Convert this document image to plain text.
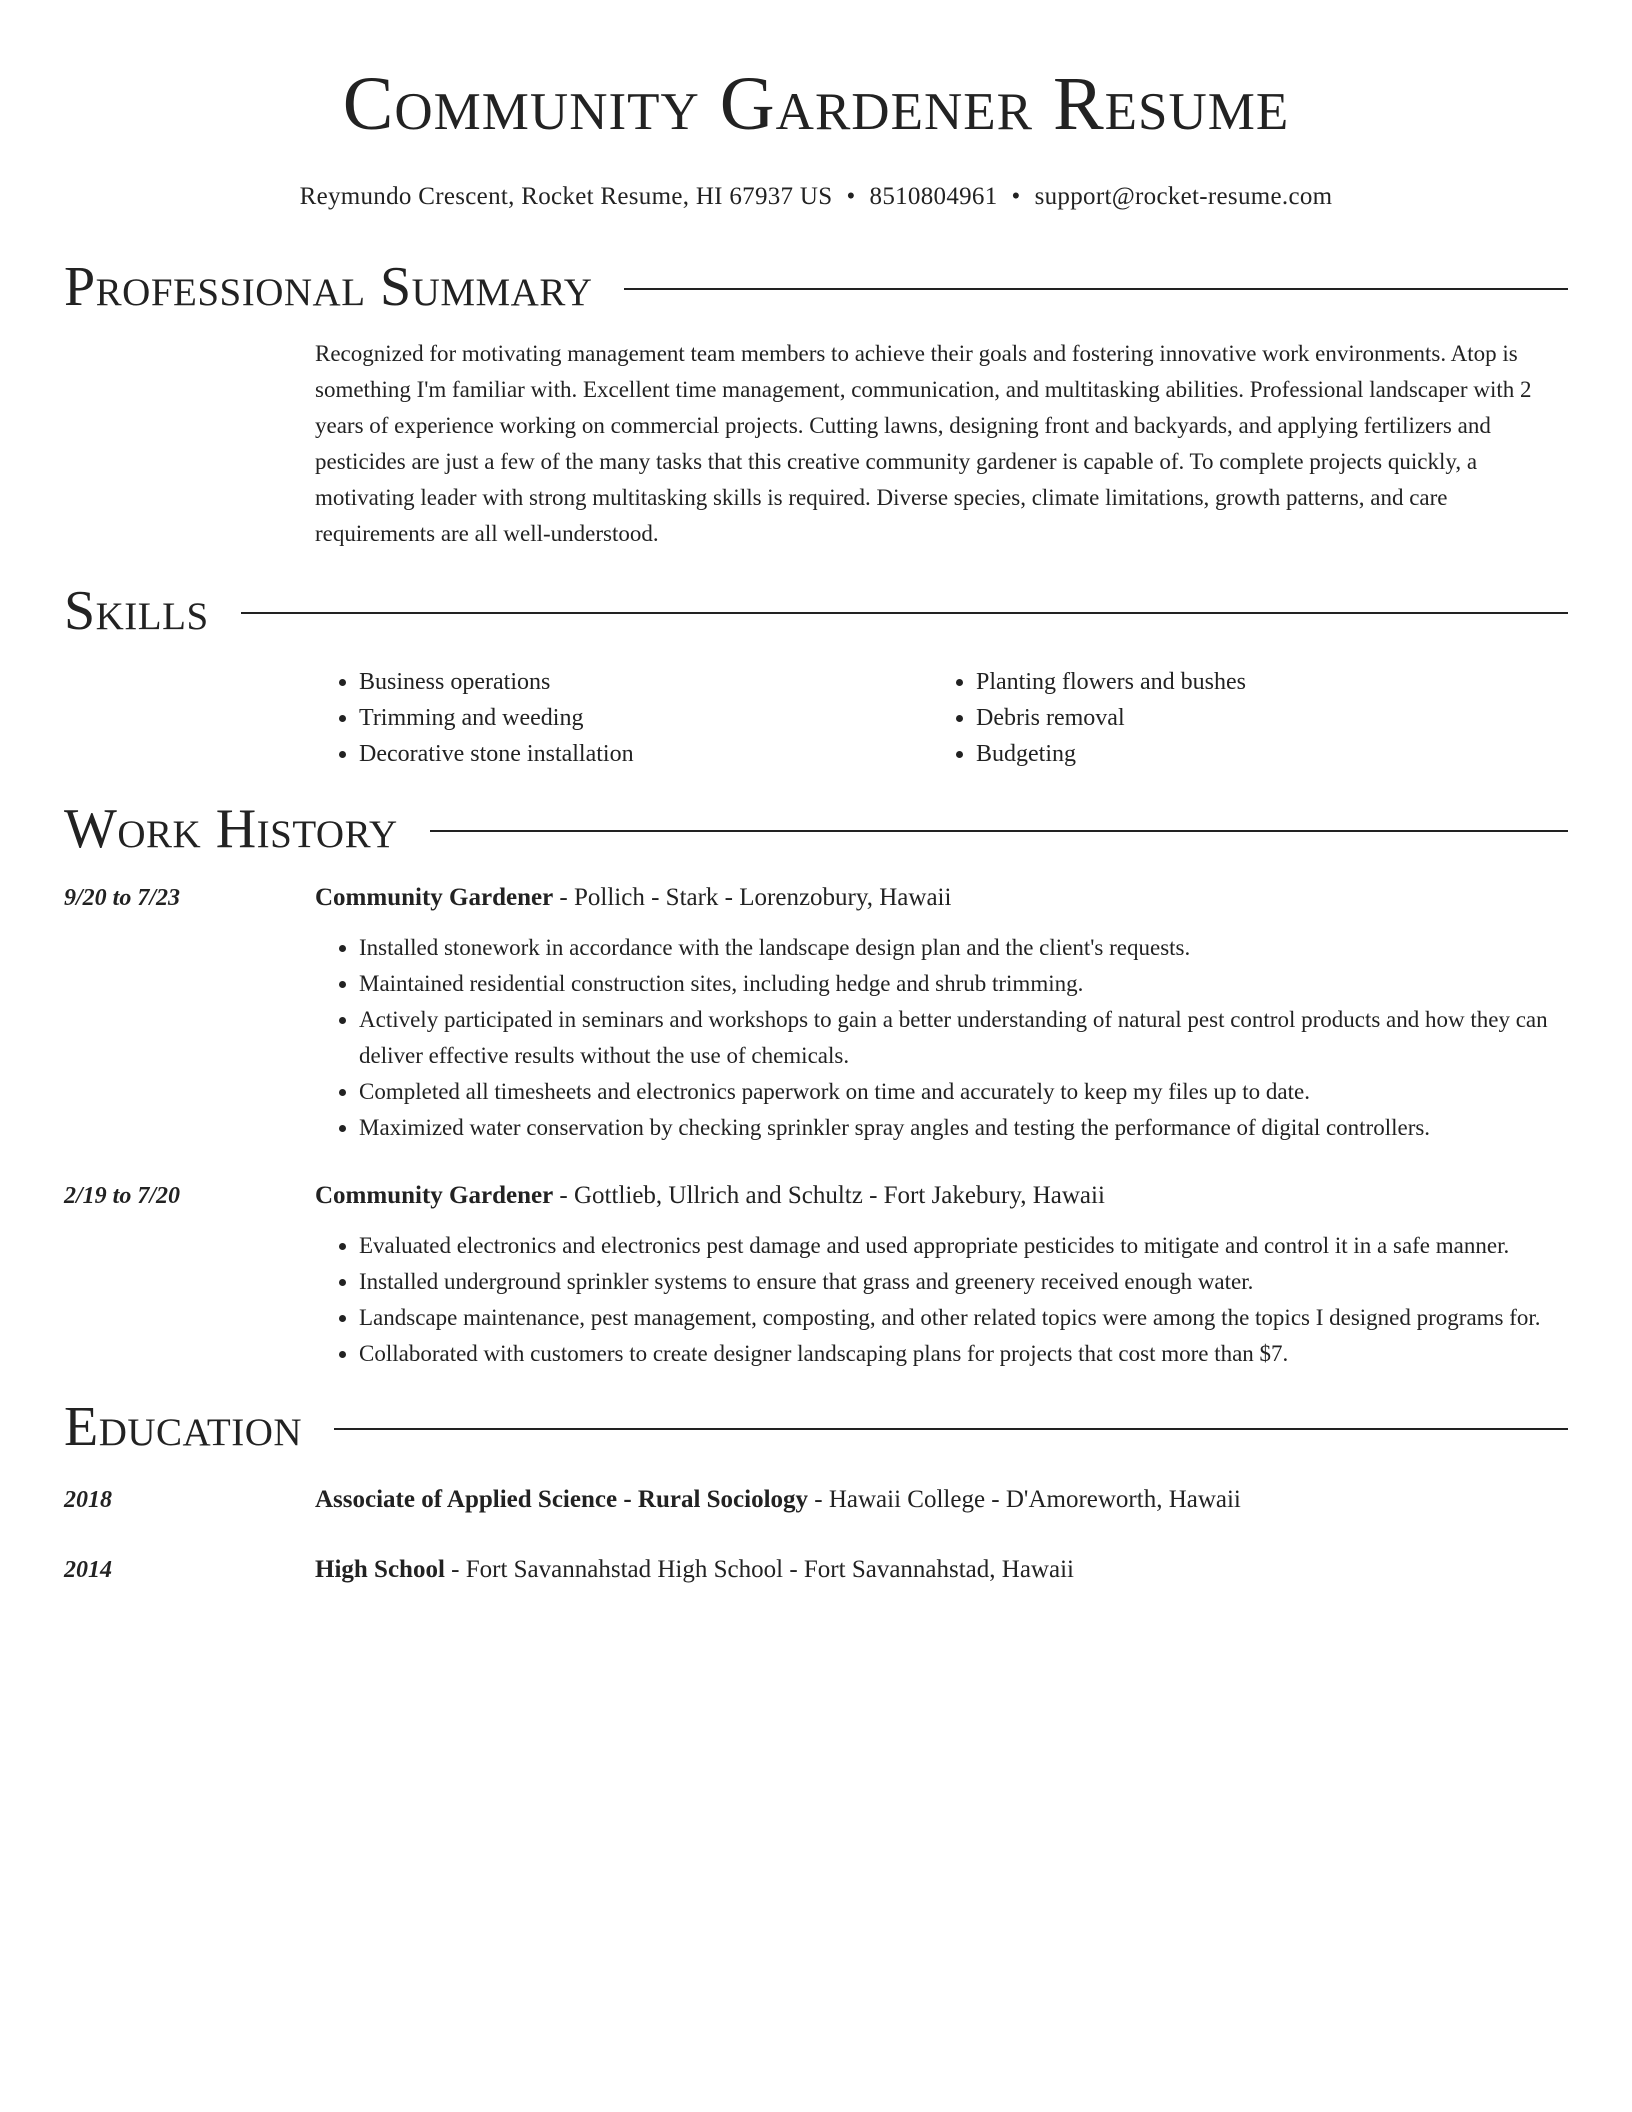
Community Gardener Resume
Reymundo Crescent, Rocket Resume, HI 67937 US • 8510804961 • support@rocket-resume.com
Professional Summary
Recognized for motivating management team members to achieve their goals and fostering innovative work environments. Atop is something I'm familiar with. Excellent time management, communication, and multitasking abilities. Professional landscaper with 2 years of experience working on commercial projects. Cutting lawns, designing front and backyards, and applying fertilizers and pesticides are just a few of the many tasks that this creative community gardener is capable of. To complete projects quickly, a motivating leader with strong multitasking skills is required. Diverse species, climate limitations, growth patterns, and care requirements are all well-understood.
Skills
• Business operations
• Trimming and weeding
• Decorative stone installation
• Planting flowers and bushes
• Debris removal
• Budgeting
Work History
9/20 to 7/23	Community Gardener - Pollich - Stark - Lorenzobury, Hawaii
• Installed stonework in accordance with the landscape design plan and the client's requests.
• Maintained residential construction sites, including hedge and shrub trimming.
• Actively participated in seminars and workshops to gain a better understanding of natural pest control products and how they can deliver effective results without the use of chemicals.
• Completed all timesheets and electronics paperwork on time and accurately to keep my files up to date.
• Maximized water conservation by checking sprinkler spray angles and testing the performance of digital controllers.
2/19 to 7/20	Community Gardener - Gottlieb, Ullrich and Schultz - Fort Jakebury, Hawaii
• Evaluated electronics and electronics pest damage and used appropriate pesticides to mitigate and control it in a safe manner.
• Installed underground sprinkler systems to ensure that grass and greenery received enough water.
• Landscape maintenance, pest management, composting, and other related topics were among the topics I designed programs for.
• Collaborated with customers to create designer landscaping plans for projects that cost more than $7.
Education
2018	Associate of Applied Science - Rural Sociology - Hawaii College - D'Amoreworth, Hawaii
2014	High School - Fort Savannahstad High School - Fort Savannahstad, Hawaii
